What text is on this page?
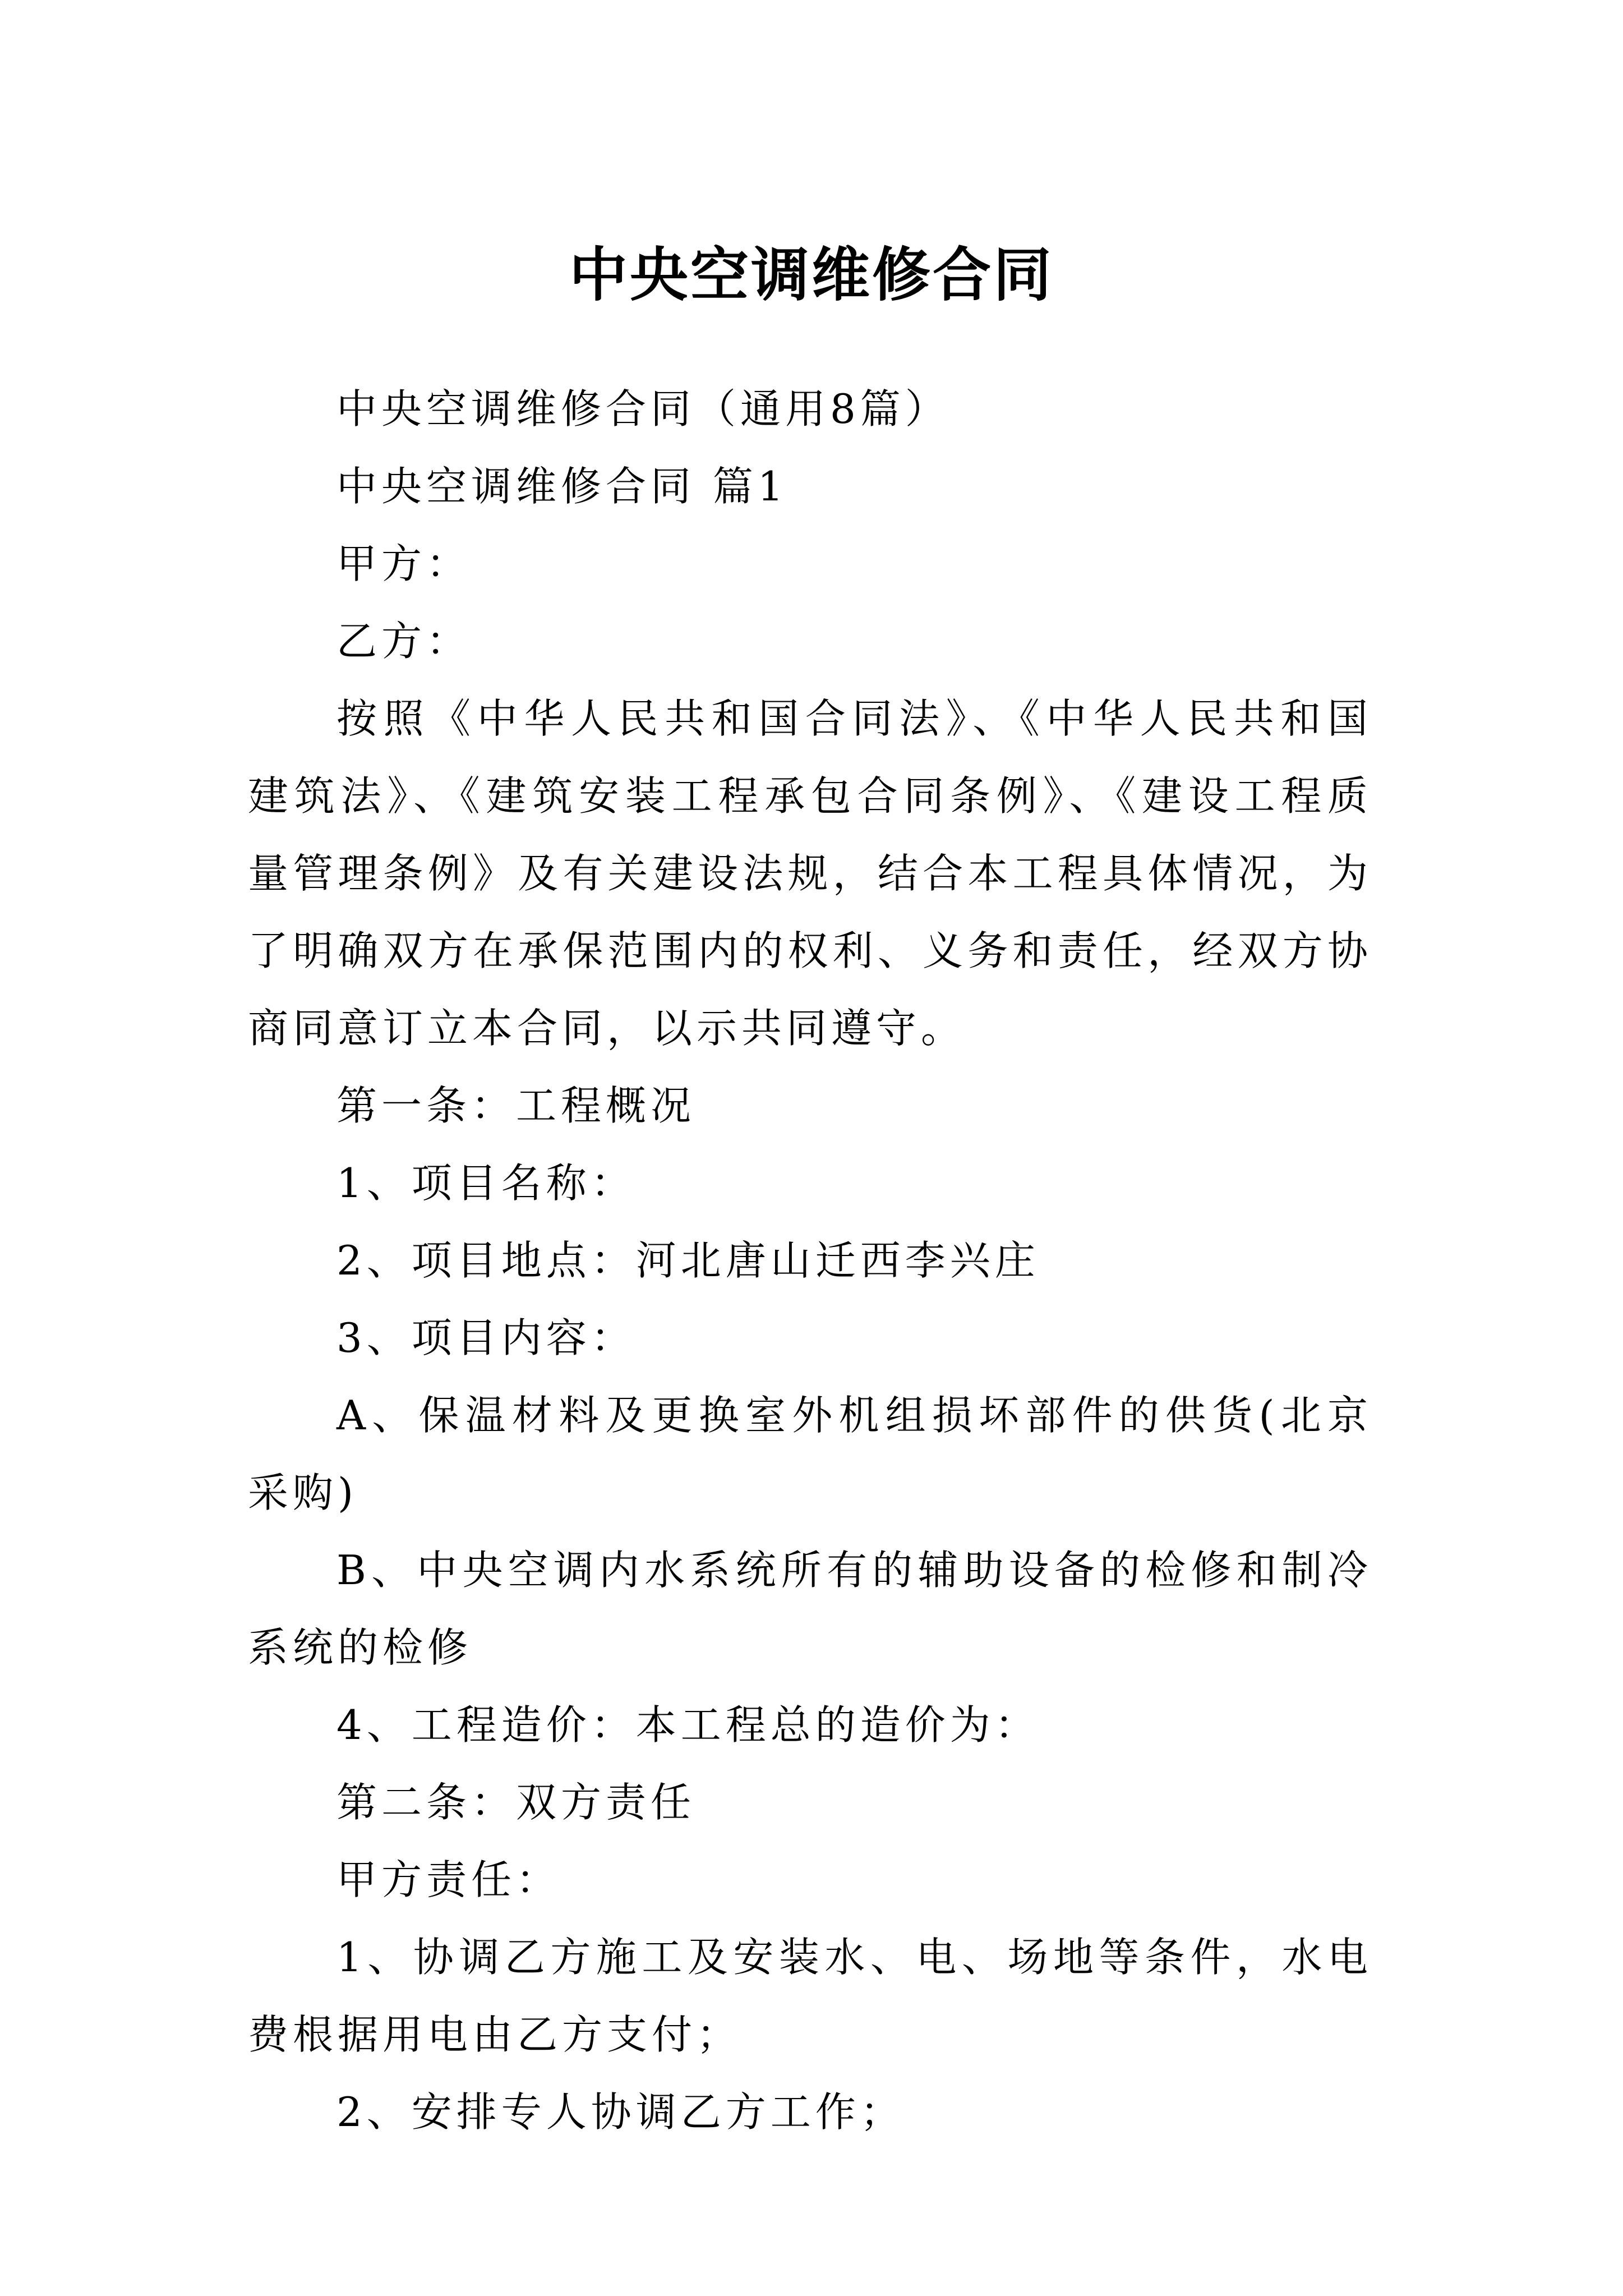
中央空调维修合同

中央空调维修合同（通用8篇）

中央空调维修合同 篇1

甲方：

乙方：

按照《中华人民共和国合同法》、《中华人民共和国建筑法》、《建筑安装工程承包合同条例》、《建设工程质量管理条例》及有关建设法规，结合本工程具体情况，为了明确双方在承保范围内的权利、义务和责任，经双方协商同意订立本合同，以示共同遵守。

第一条：工程概况

1、项目名称：

2、项目地点：河北唐山迁西李兴庄

3、项目内容：

A、保温材料及更换室外机组损坏部件的供货(北京采购)

B、中央空调内水系统所有的辅助设备的检修和制冷系统的检修

4、工程造价：本工程总的造价为：

第二条：双方责任

甲方责任：

1、协调乙方施工及安装水、电、场地等条件，水电费根据用电由乙方支付；

2、安排专人协调乙方工作；
